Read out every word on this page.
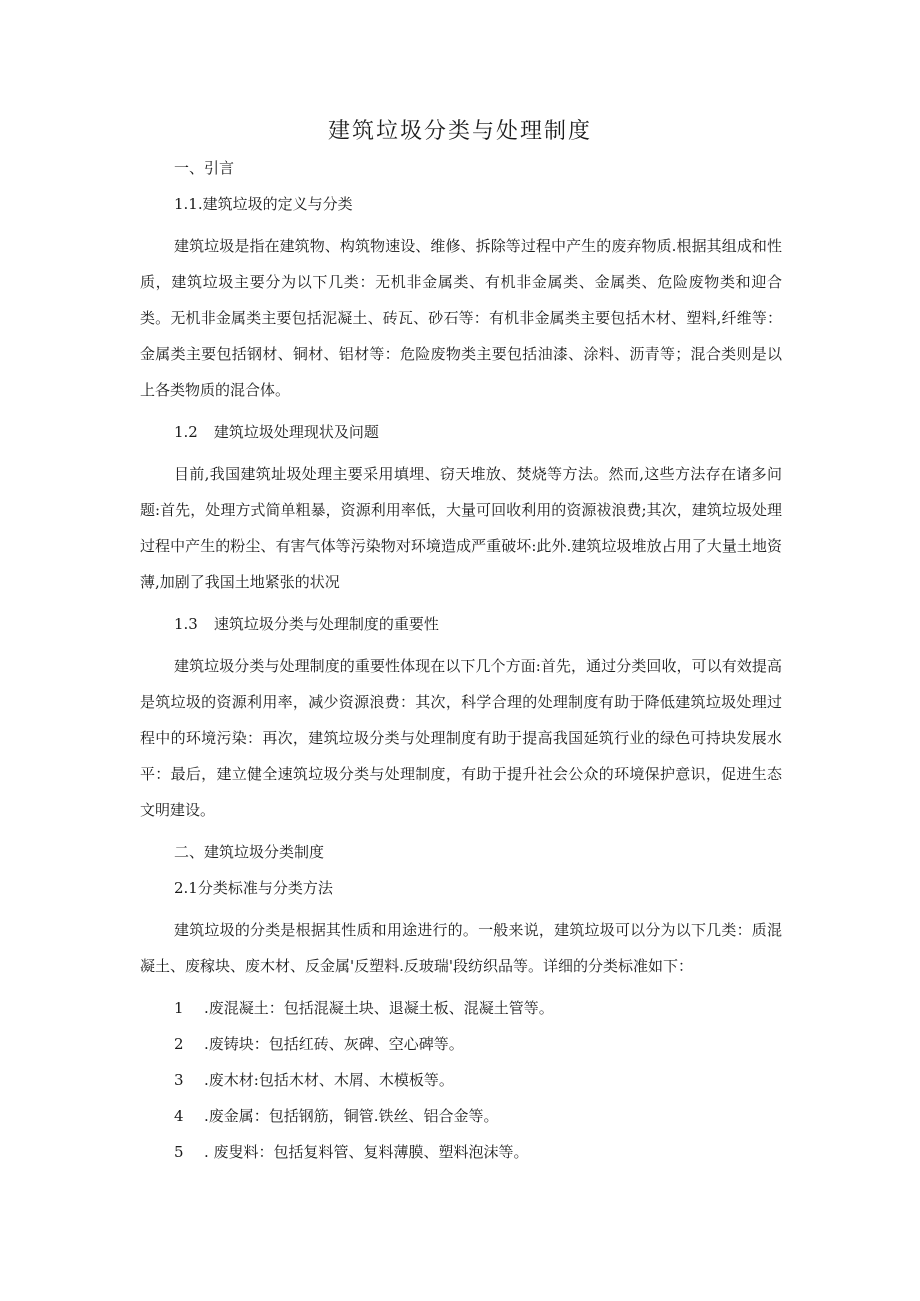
建筑垃圾分类与处理制度

一、引言

1.1.建筑垃圾的定义与分类

建筑垃圾是指在建筑物、构筑物速设、维修、拆除等过程中产生的废弃物质.根据其组成和性质，建筑垃圾主要分为以下几类：无机非金属类、有机非金属类、金属类、危险废物类和迎合类。无机非金属类主要包括泥凝土、砖瓦、砂石等：有机非金属类主要包括木材、塑料,纤维等：金属类主要包括钢材、铜材、铝材等：危险废物类主要包括油漆、涂料、沥青等；混合类则是以上各类物质的混合体。

1.2 建筑垃圾处理现状及问题

目前,我国建筑址圾处理主要采用填埋、窃天堆放、焚烧等方法。然而,这些方法存在诸多问题:首先，处理方式简单粗暴，资源利用率低，大量可回收利用的资源祓浪费;其次，建筑垃圾处理过程中产生的粉尘、有害气体等污染物对环境造成严重破坏:此外.建筑垃圾堆放占用了大量土地资薄,加剧了我国土地紧张的状况

1.3 速筑垃圾分类与处理制度的重要性

建筑垃圾分类与处理制度的重要性体现在以下几个方面:首先，通过分类回收，可以有效提高是筑垃圾的资源利用率，减少资源浪费：其次，科学合理的处理制度有助于降低建筑垃圾处理过程中的环境污染：再次，建筑垃圾分类与处理制度有助于提高我国延筑行业的绿色可持块发展水平：最后，建立健全速筑垃圾分类与处理制度，有助于提升社会公众的环境保护意识，促进生态文明建设。

二、建筑垃圾分类制度

2.1分类标准与分类方法

建筑垃圾的分类是根据其性质和用途进行的。一般来说，建筑垃圾可以分为以下几类：质混凝土、废稼块、废木材、反金属'反塑料.反玻瑞'段纺织品等。详细的分类标准如下：

1 .废混凝土：包括混凝土块、退凝土板、混凝土管等。

2 .废铸块：包括红砖、灰碑、空心碑等。

3 .废木材:包括木材、木屑、木模板等。

4 .废金属：包括钢筋，铜管.铁丝、铝合金等。

5 . 废叟料：包括复料管、复料薄膜、塑料泡沫等。
